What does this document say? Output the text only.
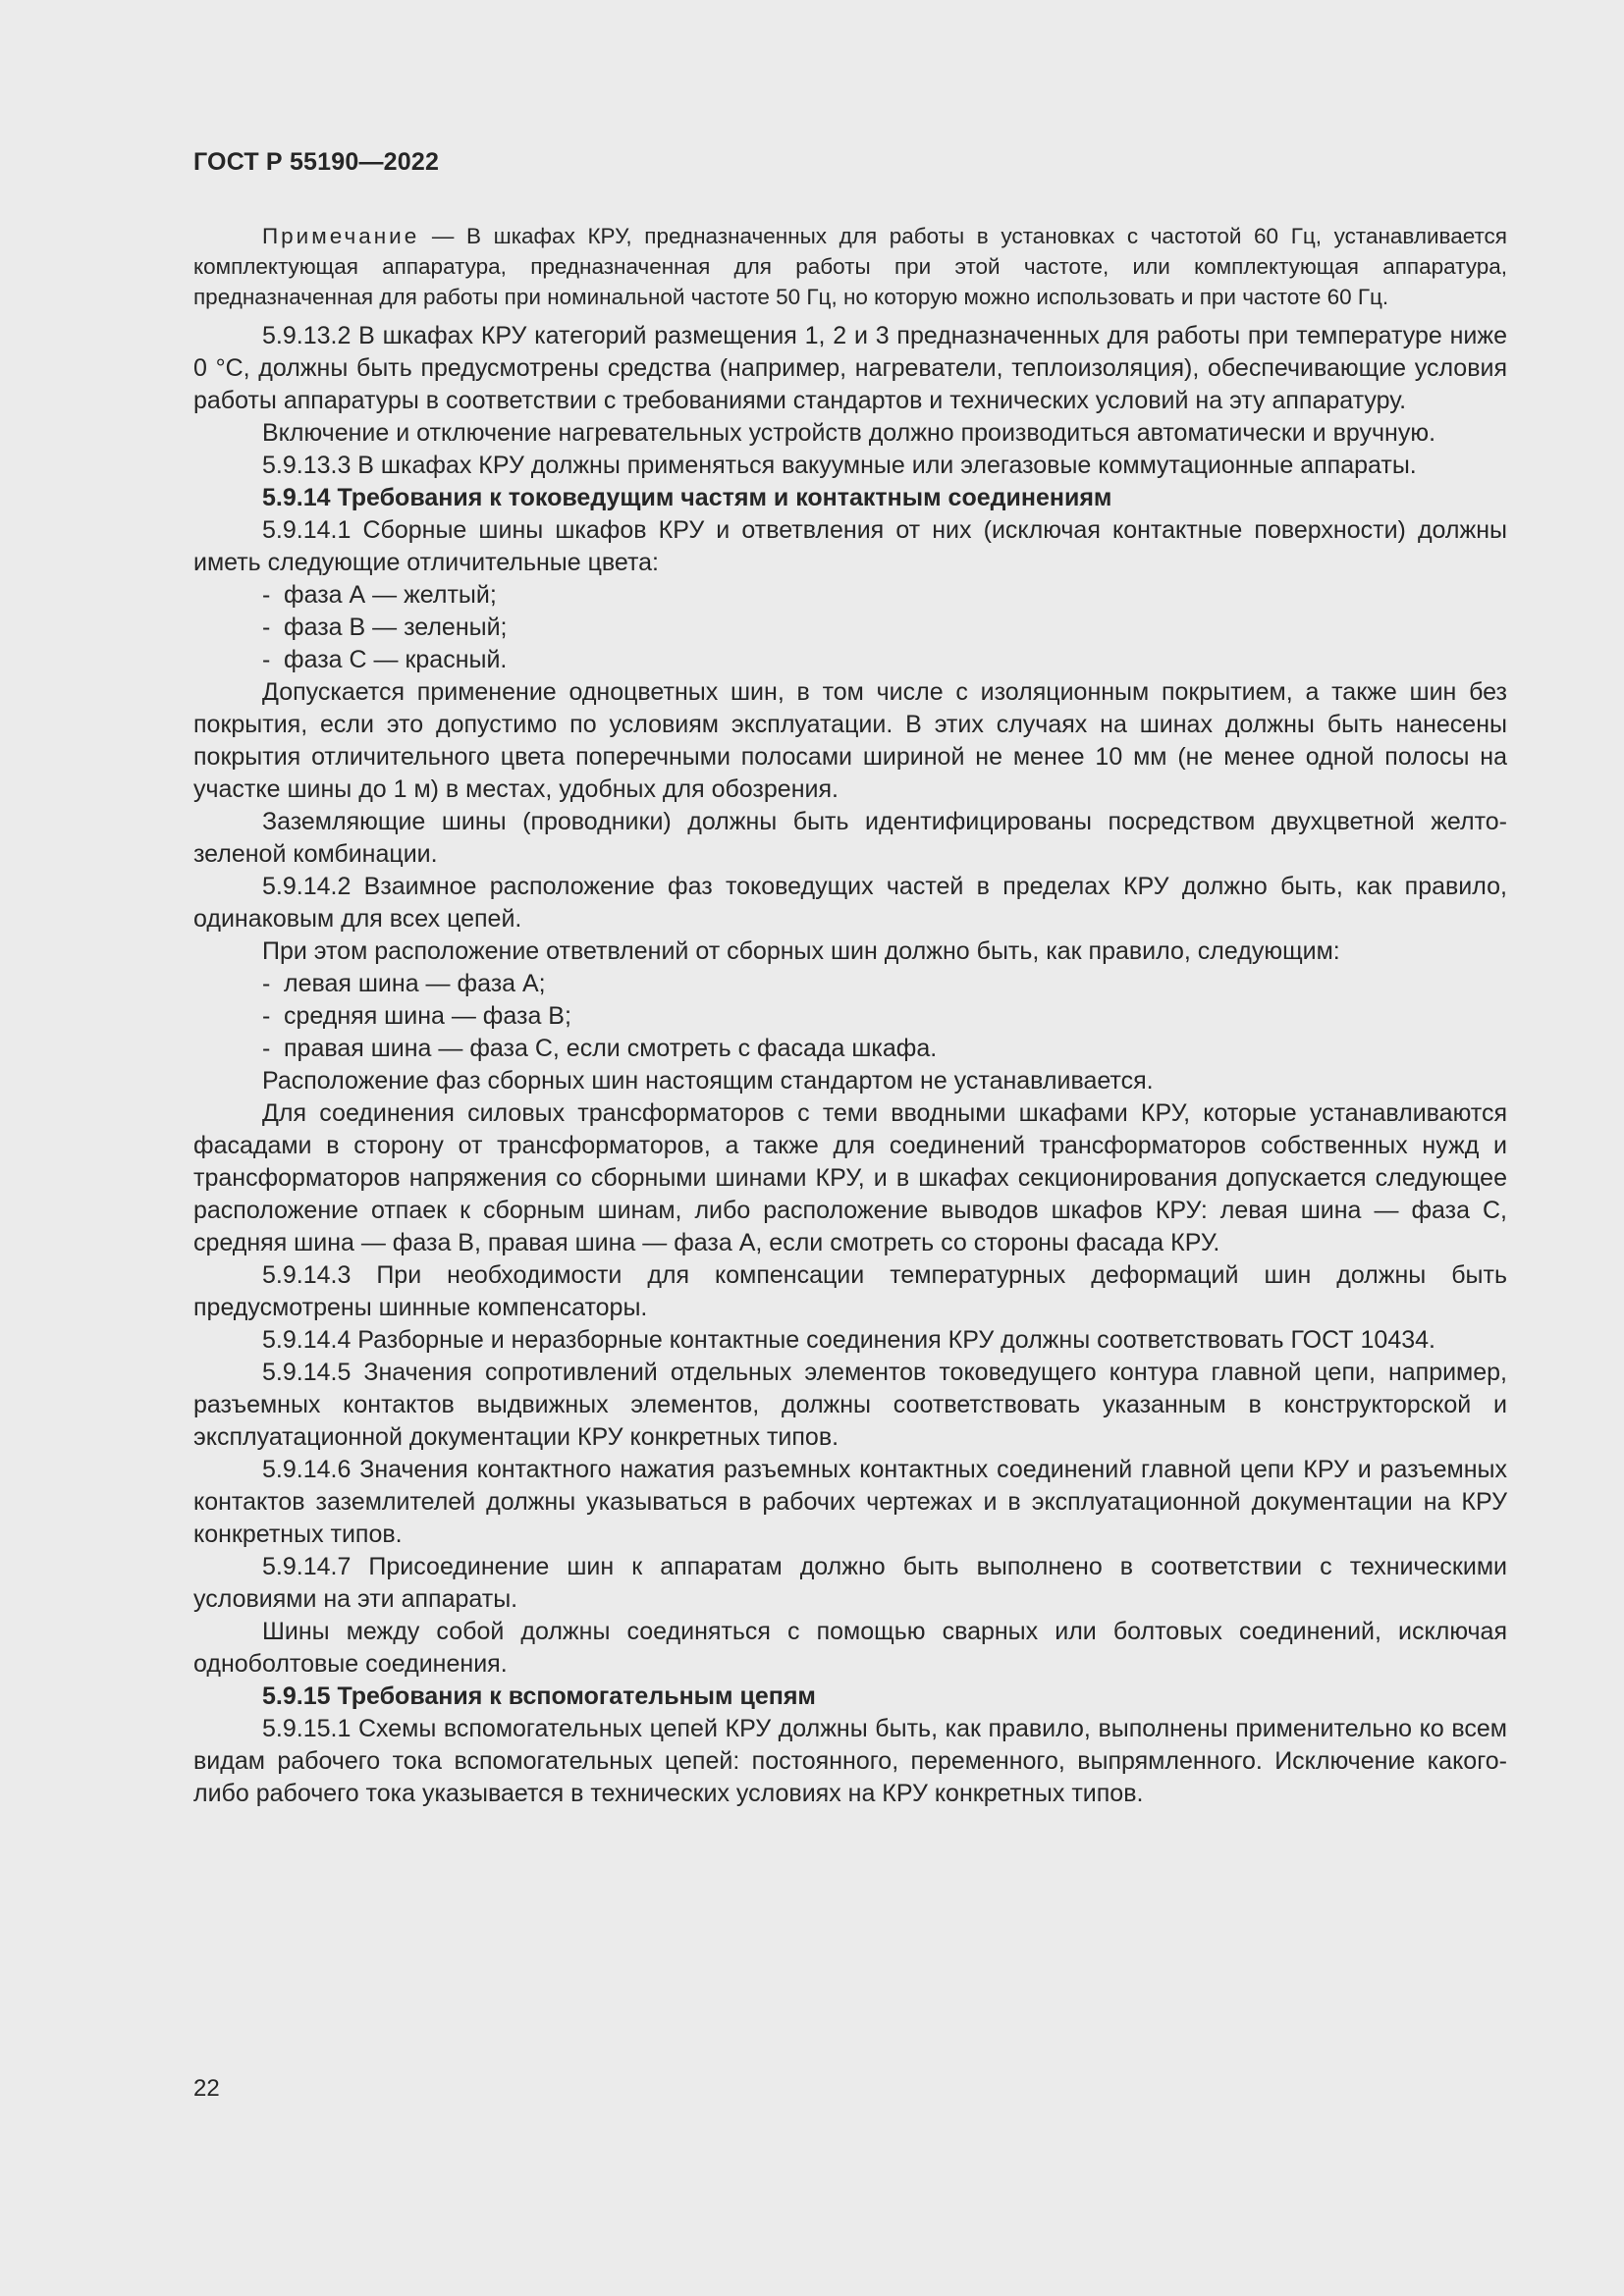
ГОСТ Р 55190—2022
Примечание — В шкафах КРУ, предназначенных для работы в установках с частотой 60 Гц, устанавливается комплектующая аппаратура, предназначенная для работы при этой частоте, или комплектующая аппаратура, предназначенная для работы при номинальной частоте 50 Гц, но которую можно использовать и при частоте 60 Гц.

5.9.13.2 В шкафах КРУ категорий размещения 1, 2 и 3 предназначенных для работы при температуре ниже 0 °С, должны быть предусмотрены средства (например, нагреватели, теплоизоляция), обеспечивающие условия работы аппаратуры в соответствии с требованиями стандартов и технических условий на эту аппаратуру.

Включение и отключение нагревательных устройств должно производиться автоматически и вручную.

5.9.13.3 В шкафах КРУ должны применяться вакуумные или элегазовые коммутационные аппараты.

5.9.14 Требования к токоведущим частям и контактным соединениям

5.9.14.1 Сборные шины шкафов КРУ и ответвления от них (исключая контактные поверхности) должны иметь следующие отличительные цвета:

- фаза А — желтый;

- фаза В — зеленый;

- фаза С — красный.

Допускается применение одноцветных шин, в том числе с изоляционным покрытием, а также шин без покрытия, если это допустимо по условиям эксплуатации. В этих случаях на шинах должны быть нанесены покрытия отличительного цвета поперечными полосами шириной не менее 10 мм (не менее одной полосы на участке шины до 1 м) в местах, удобных для обозрения.

Заземляющие шины (проводники) должны быть идентифицированы посредством двухцветной желто-зеленой комбинации.

5.9.14.2 Взаимное расположение фаз токоведущих частей в пределах КРУ должно быть, как правило, одинаковым для всех цепей.

При этом расположение ответвлений от сборных шин должно быть, как правило, следующим:

- левая шина — фаза А;

- средняя шина — фаза В;

- правая шина — фаза С, если смотреть с фасада шкафа.

Расположение фаз сборных шин настоящим стандартом не устанавливается.

Для соединения силовых трансформаторов с теми вводными шкафами КРУ, которые устанавливаются фасадами в сторону от трансформаторов, а также для соединений трансформаторов собственных нужд и трансформаторов напряжения со сборными шинами КРУ, и в шкафах секционирования допускается следующее расположение отпаек к сборным шинам, либо расположение выводов шкафов КРУ: левая шина — фаза С, средняя шина — фаза В, правая шина — фаза А, если смотреть со стороны фасада КРУ.

5.9.14.3 При необходимости для компенсации температурных деформаций шин должны быть предусмотрены шинные компенсаторы.

5.9.14.4 Разборные и неразборные контактные соединения КРУ должны соответствовать ГОСТ 10434.

5.9.14.5 Значения сопротивлений отдельных элементов токоведущего контура главной цепи, например, разъемных контактов выдвижных элементов, должны соответствовать указанным в конструкторской и эксплуатационной документации КРУ конкретных типов.

5.9.14.6 Значения контактного нажатия разъемных контактных соединений главной цепи КРУ и разъемных контактов заземлителей должны указываться в рабочих чертежах и в эксплуатационной документации на КРУ конкретных типов.

5.9.14.7 Присоединение шин к аппаратам должно быть выполнено в соответствии с техническими условиями на эти аппараты.

Шины между собой должны соединяться с помощью сварных или болтовых соединений, исключая однoболтовые соединения.

5.9.15 Требования к вспомогательным цепям

5.9.15.1 Схемы вспомогательных цепей КРУ должны быть, как правило, выполнены применительно ко всем видам рабочего тока вспомогательных цепей: постоянного, переменного, выпрямленного. Исключение какого-либо рабочего тока указывается в технических условиях на КРУ конкретных типов.

22
